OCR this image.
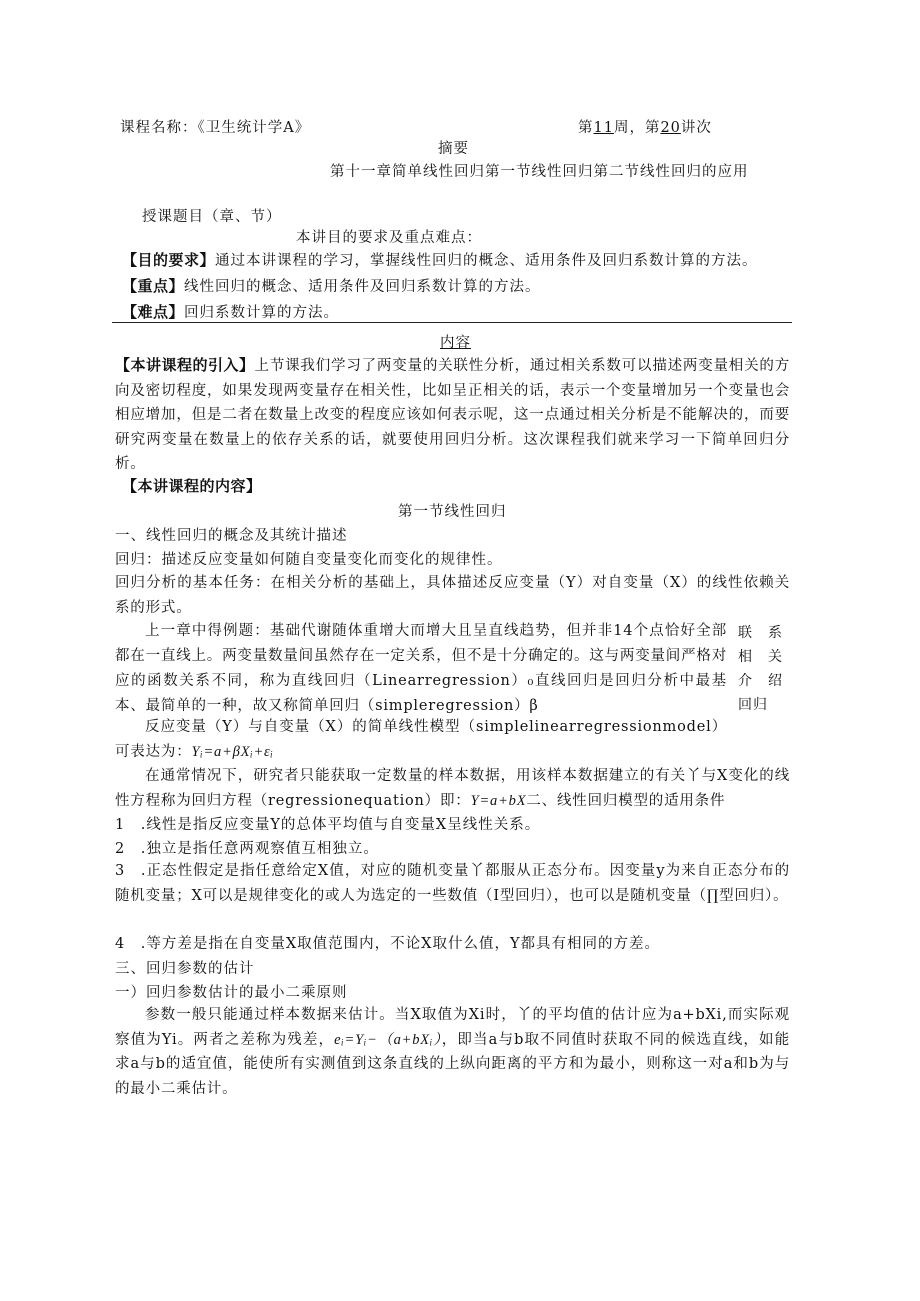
课程名称：《卫生统计学A》	第11周，第20讲次
摘要
第十一章简单线性回归第一节线性回归第二节线性回归的应用
授课题目（章、节）
本讲目的要求及重点难点：
【目的要求】通过本讲课程的学习，掌握线性回归的概念、适用条件及回归系数计算的方法。
【重点】线性回归的概念、适用条件及回归系数计算的方法。
【难点】回归系数计算的方法。
内容
【本讲课程的引入】上节课我们学习了两变量的关联性分析，通过相关系数可以描述两变量相关的方向及密切程度，如果发现两变量存在相关性，比如呈正相关的话，表示一个变量增加另一个变量也会相应增加，但是二者在数量上改变的程度应该如何表示呢，这一点通过相关分析是不能解决的，而要研究两变量在数量上的依存关系的话，就要使用回归分析。这次课程我们就来学习一下简单回归分析。
【本讲课程的内容】
第一节线性回归
一、线性回归的概念及其统计描述
回归：描述反应变量如何随自变量变化而变化的规律性。
回归分析的基本任务：在相关分析的基础上，具体描述反应变量（Y）对自变量（X）的线性依赖关系的形式。
上一章中得例题：基础代谢随体重增大而增大且呈直线趋势，但并非14个点恰好全部都在一直线上。两变量数量间虽然存在一定关系，但不是十分确定的。这与两变量间严格对应的函数关系不同，称为直线回归（Linearregression）₀直线回归是回归分析中最基本、最简单的一种，故又称简单回归（simpleregression）β
联 系
相 关
介 绍
回归
反应变量（Y）与自变量（X）的简单线性模型（simplelinearregressionmodel）可表达为：Yᵢ=a+βXᵢ+εᵢ
在通常情况下，研究者只能获取一定数量的样本数据，用该样本数据建立的有关丫与X变化的线性方程称为回归方程（regressionequation）即：Y=a+bX二、线性回归模型的适用条件
1　.线性是指反应变量Y的总体平均值与自变量X呈线性关系。
2　.独立是指任意两观察值互相独立。
3　.正态性假定是指任意给定X值，对应的随机变量丫都服从正态分布。因变量y为来自正态分布的随机变量；X可以是规律变化的或人为选定的一些数值（I型回归），也可以是随机变量（∏型回归）。
4　.等方差是指在自变量X取值范围内，不论X取什么值，Y都具有相同的方差。
三、回归参数的估计
一）回归参数估计的最小二乘原则
参数一般只能通过样本数据来估计。当X取值为Xi时，丫的平均值的估计应为a+bXi,而实际观察值为Yi。两者之差称为残差，eᵢ=Yᵢ−（a+bXᵢ），即当a与b取不同值时获取不同的候选直线，如能求a与b的适宜值，能使所有实测值到这条直线的上纵向距离的平方和为最小，则称这一对a和b为与的最小二乘估计。
